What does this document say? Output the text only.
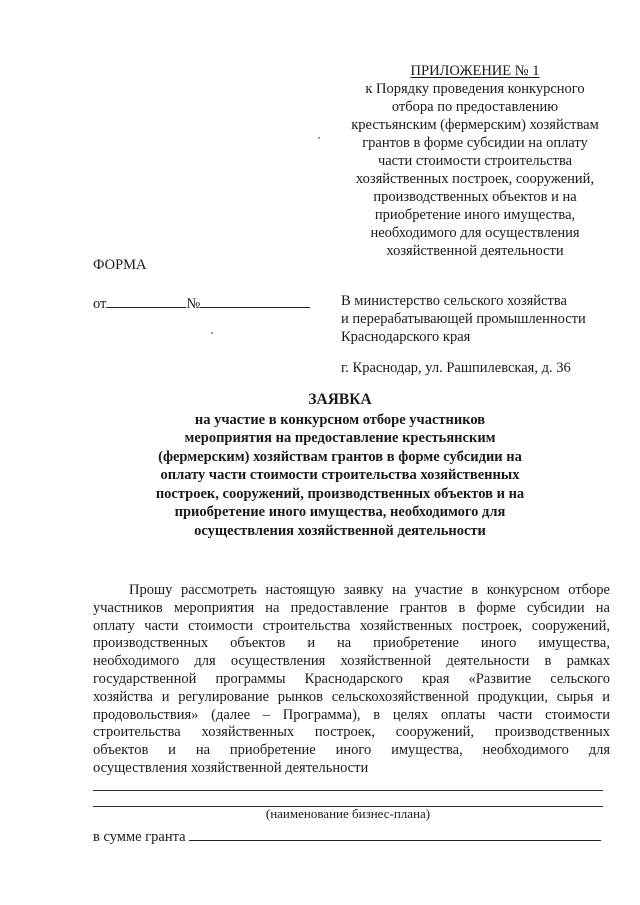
ПРИЛОЖЕНИЕ № 1
к Порядку проведения конкурсного
отбора по предоставлению
крестьянским (фермерским) хозяйствам
грантов в форме субсидии на оплату
части стоимости строительства
хозяйственных построек, сооружений,
производственных объектов и на
приобретение иного имущества,
необходимого для осуществления
хозяйственной деятельности
ФОРМА
от	№	В министерство сельского хозяйства
и перерабатывающей промышленности
Краснодарского края
г. Краснодар, ул. Рашпилевская, д. 36
ЗАЯВКА
на участие в конкурсном отборе участников
мероприятия на предоставление крестьянским
(фермерским) хозяйствам грантов в форме субсидии на
оплату части стоимости строительства хозяйственных
построек, сооружений, производственных объектов и на
приобретение иного имущества, необходимого для
осуществления хозяйственной деятельности
Прошу рассмотреть настоящую заявку на участие в конкурсном отборе
участников мероприятия на предоставление грантов в форме субсидии на
оплату части стоимости строительства хозяйственных построек, сооружений,
производственных объектов и на приобретение иного имущества,
необходимого для осуществления хозяйственной деятельности в рамках
государственной программы Краснодарского края «Развитие сельского
хозяйства и регулирование рынков сельскохозяйственной продукции, сырья и
продовольствия» (далее – Программа), в целях оплаты части стоимости
строительства хозяйственных построек, сооружений, производственных
объектов и на приобретение иного имущества, необходимого для
осуществления хозяйственной деятельности
(наименование бизнес-плана)
в сумме гранта
